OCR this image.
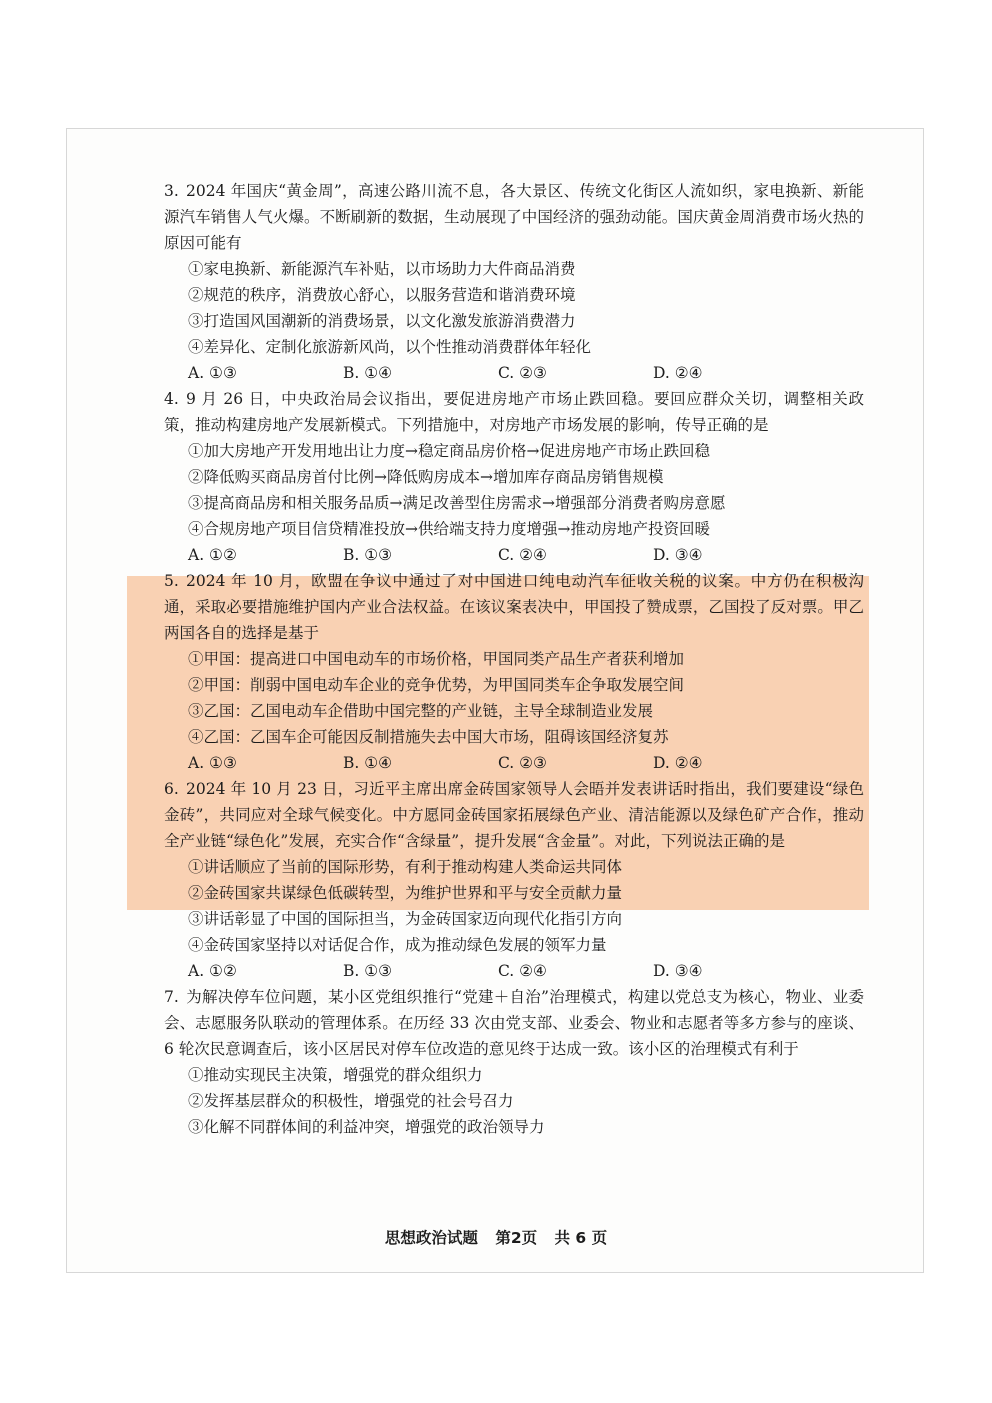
3. 2024 年国庆“黄金周”，高速公路川流不息，各大景区、传统文化街区人流如织，家电换新、新能源汽车销售人气火爆。不断刷新的数据，生动展现了中国经济的强劲动能。国庆黄金周消费市场火热的原因可能有

①家电换新、新能源汽车补贴，以市场助力大件商品消费

②规范的秩序，消费放心舒心，以服务营造和谐消费环境

③打造国风国潮新的消费场景，以文化激发旅游消费潜力

④差异化、定制化旅游新风尚，以个性推动消费群体年轻化

A. ①③	B. ①④	C. ②③	D. ②④

4. 9 月 26 日，中央政治局会议指出，要促进房地产市场止跌回稳。要回应群众关切，调整相关政策，推动构建房地产发展新模式。下列措施中，对房地产市场发展的影响，传导正确的是

①加大房地产开发用地出让力度→稳定商品房价格→促进房地产市场止跌回稳

②降低购买商品房首付比例→降低购房成本→增加库存商品房销售规模

③提高商品房和相关服务品质→满足改善型住房需求→增强部分消费者购房意愿

④合规房地产项目信贷精准投放→供给端支持力度增强→推动房地产投资回暖

A. ①②	B. ①③	C. ②④	D. ③④

5. 2024 年 10 月，欧盟在争议中通过了对中国进口纯电动汽车征收关税的议案。中方仍在积极沟通，采取必要措施维护国内产业合法权益。在该议案表决中，甲国投了赞成票，乙国投了反对票。甲乙两国各自的选择是基于

①甲国：提高进口中国电动车的市场价格，甲国同类产品生产者获利增加

②甲国：削弱中国电动车企业的竞争优势，为甲国同类车企争取发展空间

③乙国：乙国电动车企借助中国完整的产业链，主导全球制造业发展

④乙国：乙国车企可能因反制措施失去中国大市场，阻碍该国经济复苏

A. ①③	B. ①④	C. ②③	D. ②④

6. 2024 年 10 月 23 日，习近平主席出席金砖国家领导人会晤并发表讲话时指出，我们要建设“绿色金砖”，共同应对全球气候变化。中方愿同金砖国家拓展绿色产业、清洁能源以及绿色矿产合作，推动全产业链“绿色化”发展，充实合作“含绿量”，提升发展“含金量”。对此，下列说法正确的是

①讲话顺应了当前的国际形势，有利于推动构建人类命运共同体

②金砖国家共谋绿色低碳转型，为维护世界和平与安全贡献力量

③讲话彰显了中国的国际担当，为金砖国家迈向现代化指引方向

④金砖国家坚持以对话促合作，成为推动绿色发展的领军力量

A. ①②	B. ①③	C. ②④	D. ③④

7. 为解决停车位问题，某小区党组织推行“党建＋自治”治理模式，构建以党总支为核心，物业、业委会、志愿服务队联动的管理体系。在历经 33 次由党支部、业委会、物业和志愿者等多方参与的座谈、6 轮次民意调查后，该小区居民对停车位改造的意见终于达成一致。该小区的治理模式有利于

①推动实现民主决策，增强党的群众组织力

②发挥基层群众的积极性，增强党的社会号召力

③化解不同群体间的利益冲突，增强党的政治领导力

思想政治试题 第2页 共 6 页
